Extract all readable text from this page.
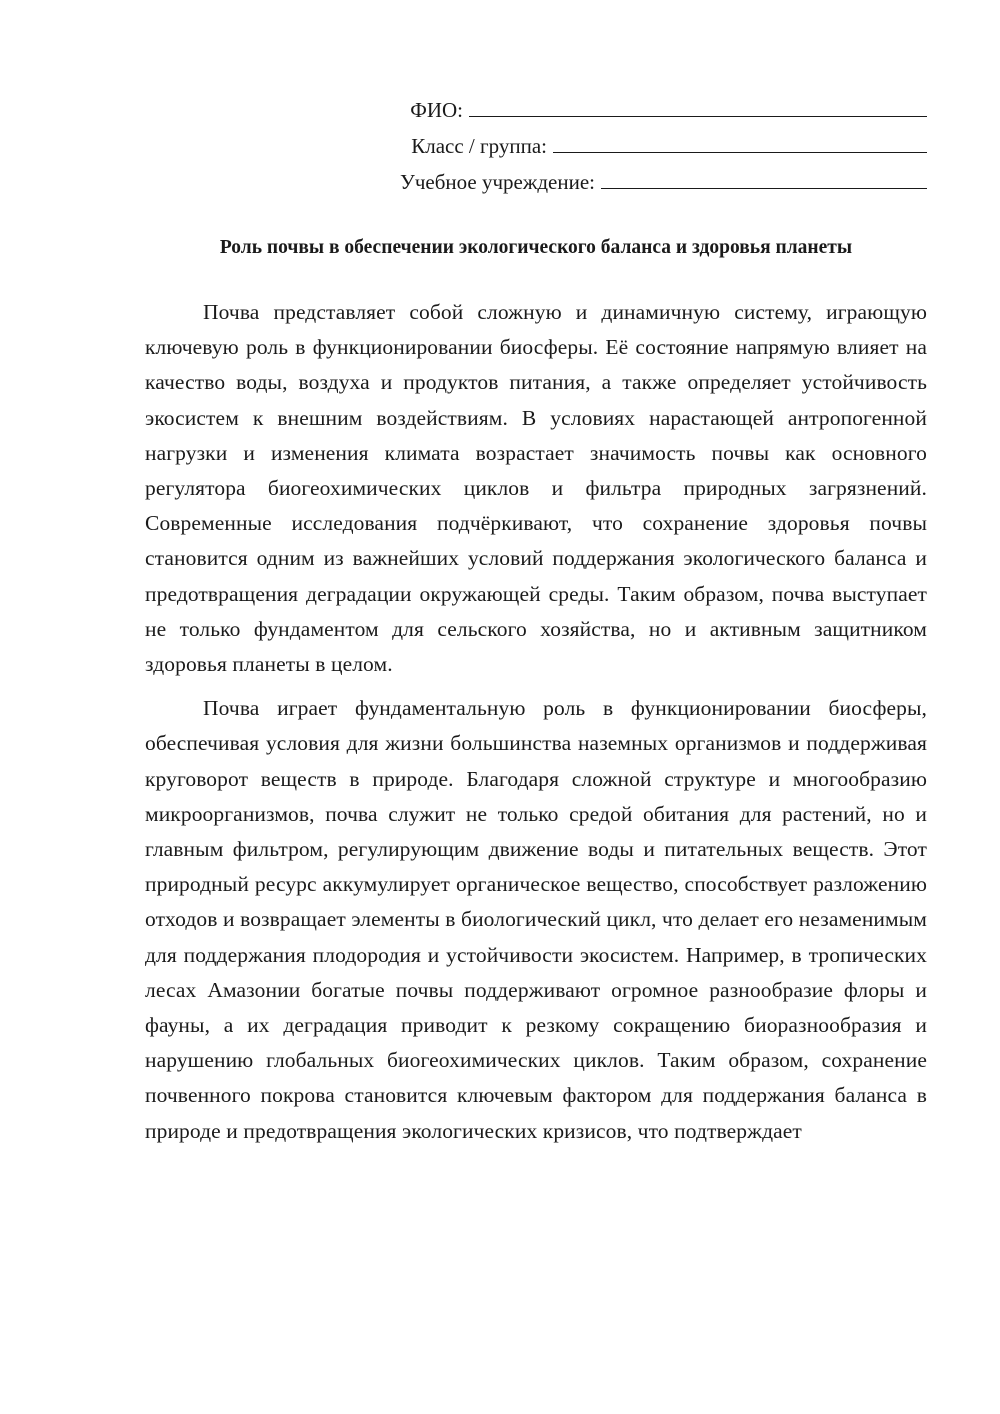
ФИО:
Класс / группа:
Учебное учреждение:
Роль почвы в обеспечении экологического баланса и здоровья планеты

Почва представляет собой сложную и динамичную систему, играющую ключевую роль в функционировании биосферы. Её состояние напрямую влияет на качество воды, воздуха и продуктов питания, а также определяет устойчивость экосистем к внешним воздействиям. В условиях нарастающей антропогенной нагрузки и изменения климата возрастает значимость почвы как основного регулятора биогеохимических циклов и фильтра природных загрязнений. Современные исследования подчёркивают, что сохранение здоровья почвы становится одним из важнейших условий поддержания экологического баланса и предотвращения деградации окружающей среды. Таким образом, почва выступает не только фундаментом для сельского хозяйства, но и активным защитником здоровья планеты в целом.

Почва играет фундаментальную роль в функционировании биосферы, обеспечивая условия для жизни большинства наземных организмов и поддерживая круговорот веществ в природе. Благодаря сложной структуре и многообразию микроорганизмов, почва служит не только средой обитания для растений, но и главным фильтром, регулирующим движение воды и питательных веществ. Этот природный ресурс аккумулирует органическое вещество, способствует разложению отходов и возвращает элементы в биологический цикл, что делает его незаменимым для поддержания плодородия и устойчивости экосистем. Например, в тропических лесах Амазонии богатые почвы поддерживают огромное разнообразие флоры и фауны, а их деградация приводит к резкому сокращению биоразнообразия и нарушению глобальных биогеохимических циклов. Таким образом, сохранение почвенного покрова становится ключевым фактором для поддержания баланса в природе и предотвращения экологических кризисов, что подтверждает
